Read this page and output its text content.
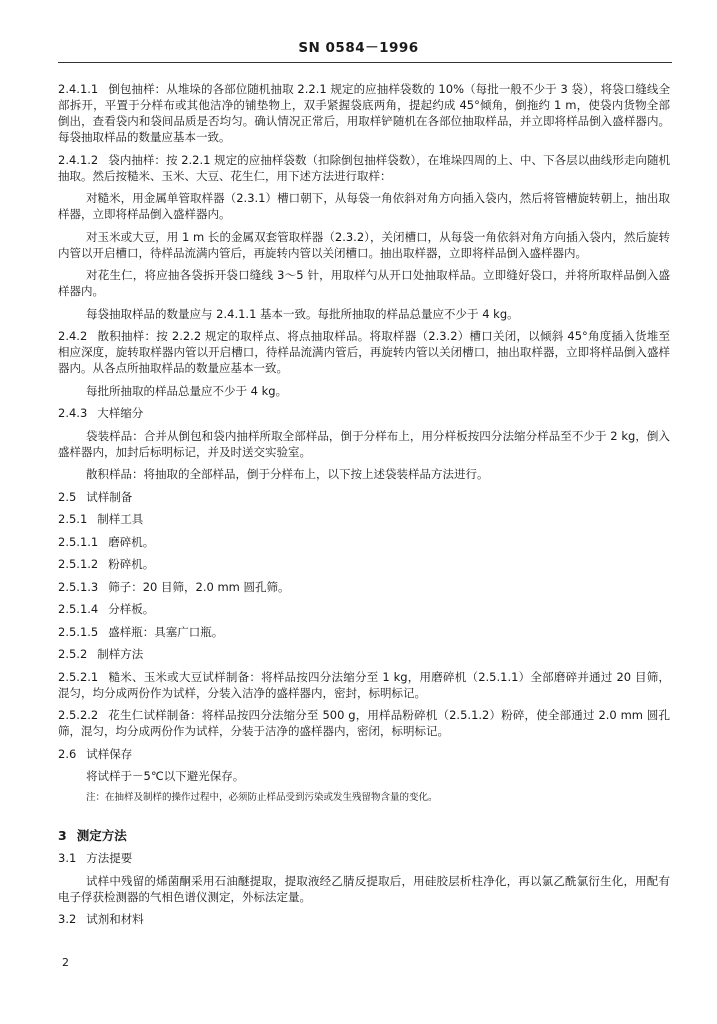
SN 0584－1996

2.4.1.1 倒包抽样：从堆垛的各部位随机抽取 2.2.1 规定的应抽样袋数的 10%（每批一般不少于 3 袋），将袋口缝线全部拆开，平置于分样布或其他洁净的铺垫物上，双手紧握袋底两角，提起约成 45°倾角，倒拖约 1 m，使袋内货物全部倒出，查看袋内和袋间品质是否均匀。确认情况正常后，用取样铲随机在各部位抽取样品，并立即将样品倒入盛样器内。每袋抽取样品的数量应基本一致。

2.4.1.2 袋内抽样：按 2.2.1 规定的应抽样袋数（扣除倒包抽样袋数），在堆垛四周的上、中、下各层以曲线形走向随机抽取。然后按糙米、玉米、大豆、花生仁，用下述方法进行取样：

对糙米，用金属单管取样器（2.3.1）槽口朝下，从每袋一角依斜对角方向插入袋内，然后将管槽旋转朝上，抽出取样器，立即将样品倒入盛样器内。

对玉米或大豆，用 1 m 长的金属双套管取样器（2.3.2），关闭槽口，从每袋一角依斜对角方向插入袋内，然后旋转内管以开启槽口，待样品流满内管后，再旋转内管以关闭槽口。抽出取样器，立即将样品倒入盛样器内。

对花生仁，将应抽各袋拆开袋口缝线 3～5 针，用取样勺从开口处抽取样品。立即缝好袋口，并将所取样品倒入盛样器内。

每袋抽取样品的数量应与 2.4.1.1 基本一致。每批所抽取的样品总量应不少于 4 kg。

2.4.2 散积抽样：按 2.2.2 规定的取样点、将点抽取样品。将取样器（2.3.2）槽口关闭，以倾斜 45°角度插入货堆至相应深度，旋转取样器内管以开启槽口，待样品流满内管后，再旋转内管以关闭槽口，抽出取样器，立即将样品倒入盛样器内。从各点所抽取样品的数量应基本一致。

每批所抽取的样品总量应不少于 4 kg。

2.4.3 大样缩分

袋装样品：合并从倒包和袋内抽样所取全部样品，倒于分样布上，用分样板按四分法缩分样品至不少于 2 kg，倒入盛样器内，加封后标明标记，并及时送交实验室。

散积样品：将抽取的全部样品，倒于分样布上，以下按上述袋装样品方法进行。

2.5 试样制备

2.5.1 制样工具

2.5.1.1 磨碎机。

2.5.1.2 粉碎机。

2.5.1.3 筛子：20 目筛，2.0 mm 圆孔筛。

2.5.1.4 分样板。

2.5.1.5 盛样瓶：具塞广口瓶。

2.5.2 制样方法

2.5.2.1 糙米、玉米或大豆试样制备：将样品按四分法缩分至 1 kg，用磨碎机（2.5.1.1）全部磨碎并通过 20 目筛，混匀，均分成两份作为试样，分装入洁净的盛样器内，密封，标明标记。

2.5.2.2 花生仁试样制备：将样品按四分法缩分至 500 g，用样品粉碎机（2.5.1.2）粉碎，使全部通过 2.0 mm 圆孔筛，混匀，均分成两份作为试样，分装于洁净的盛样器内，密闭，标明标记。

2.6 试样保存

将试样于－5℃以下避光保存。

注：在抽样及制样的操作过程中，必须防止样品受到污染或发生残留物含量的变化。

3 测定方法

3.1 方法提要

试样中残留的烯菌酮采用石油醚提取，提取液经乙腈反提取后，用硅胶层析柱净化，再以氯乙酰氯衍生化，用配有电子俘获检测器的气相色谱仪测定，外标法定量。

3.2 试剂和材料

2
